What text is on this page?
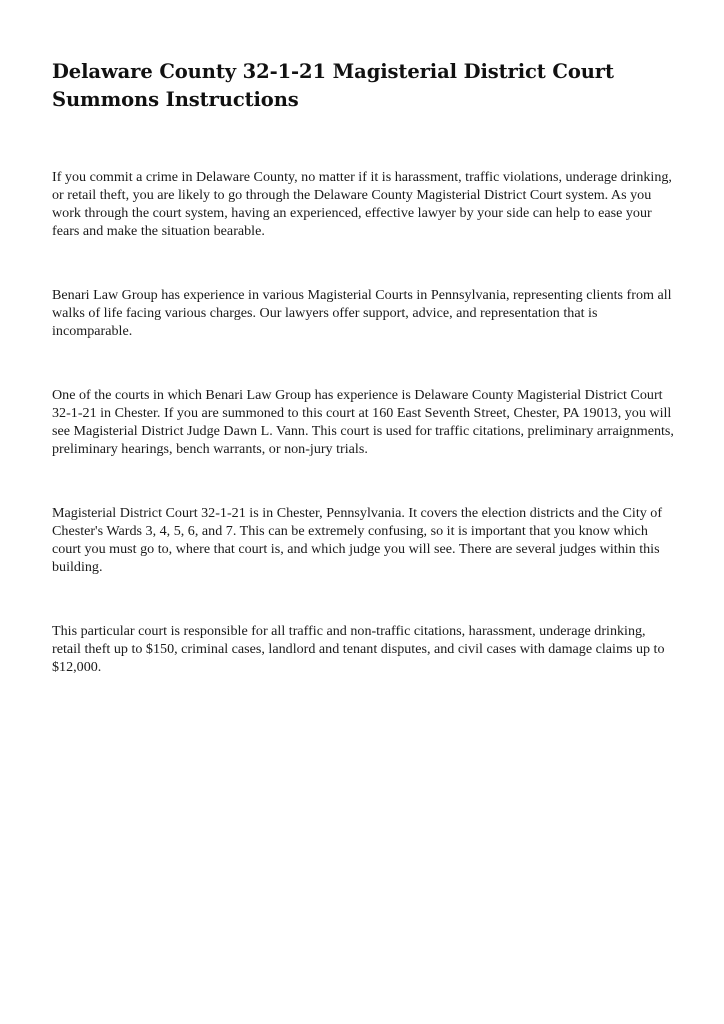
Delaware County 32-1-21 Magisterial District Court Summons Instructions

If you commit a crime in Delaware County, no matter if it is harassment, traffic violations, underage drinking, or retail theft, you are likely to go through the Delaware County Magisterial District Court system. As you work through the court system, having an experienced, effective lawyer by your side can help to ease your fears and make the situation bearable.

Benari Law Group has experience in various Magisterial Courts in Pennsylvania, representing clients from all walks of life facing various charges. Our lawyers offer support, advice, and representation that is incomparable.

One of the courts in which Benari Law Group has experience is Delaware County Magisterial District Court 32-1-21 in Chester. If you are summoned to this court at 160 East Seventh Street, Chester, PA 19013, you will see Magisterial District Judge Dawn L. Vann. This court is used for traffic citations, preliminary arraignments, preliminary hearings, bench warrants, or non-jury trials.

Magisterial District Court 32-1-21 is in Chester, Pennsylvania. It covers the election districts and the City of Chester's Wards 3, 4, 5, 6, and 7. This can be extremely confusing, so it is important that you know which court you must go to, where that court is, and which judge you will see. There are several judges within this building.

This particular court is responsible for all traffic and non-traffic citations, harassment, underage drinking, retail theft up to $150, criminal cases, landlord and tenant disputes, and civil cases with damage claims up to $12,000.
